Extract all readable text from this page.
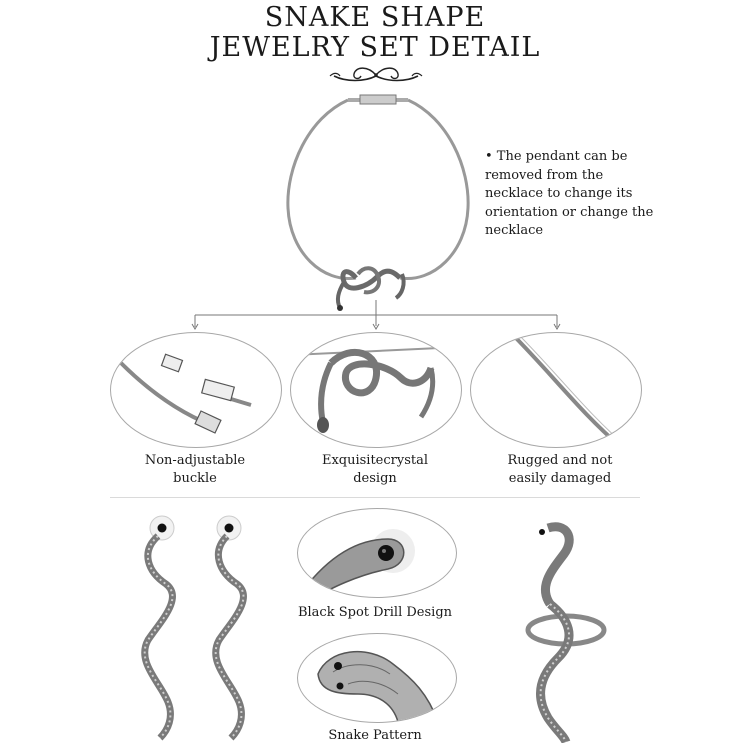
SNAKE SHAPE
JEWELRY SET DETAIL
• The pendant can be removed from the necklace to change its orientation or change the necklace
Non-adjustable
buckle
Exquisitecrystal
design
Rugged and not
easily damaged
Black Spot Drill Design
Snake Pattern
